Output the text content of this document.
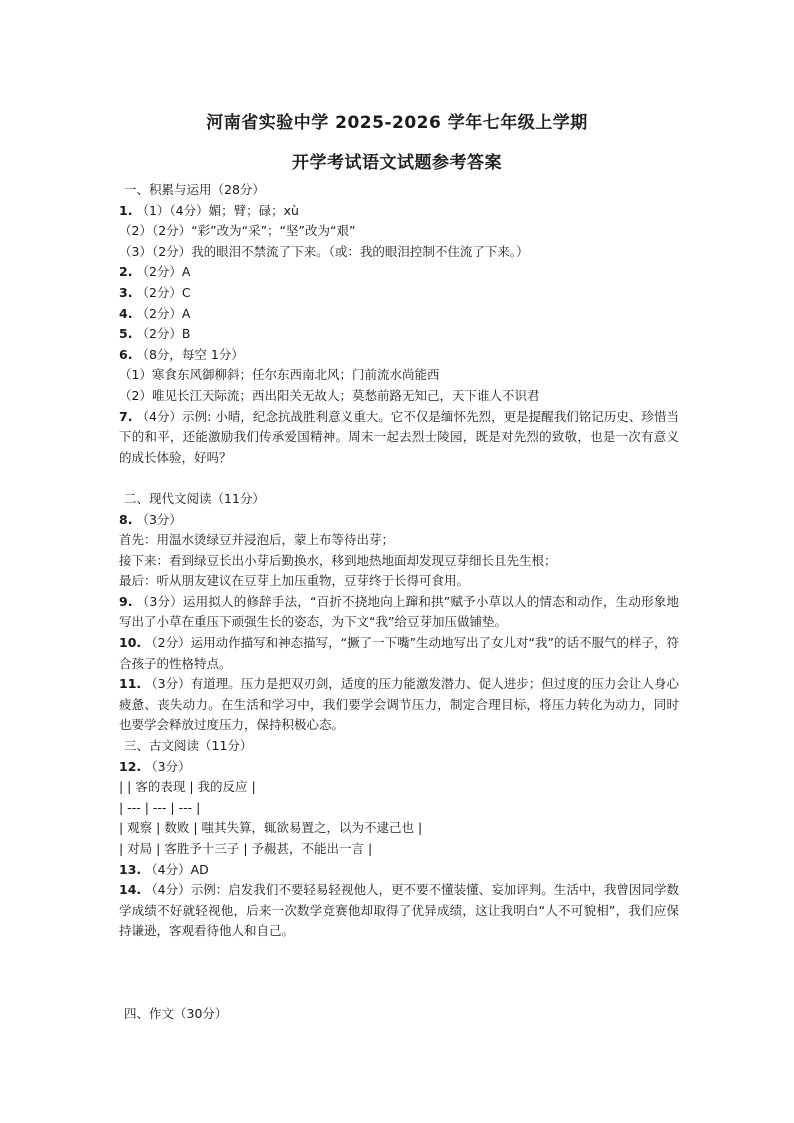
河南省实验中学 2025-2026 学年七年级上学期
开学考试语文试题参考答案
一、积累与运用（28分）
1. （1）（4分）媚；臂；碌；xù
（2）（2分）“彩”改为“采”；“坚”改为“艰”
（3）（2分）我的眼泪不禁流了下来。（或：我的眼泪控制不住流了下来。）
2. （2分）A
3. （2分）C
4. （2分）A
5. （2分）B
6. （8分，每空 1分）
（1）寒食东风御柳斜；任尔东西南北风；门前流水尚能西
（2）唯见长江天际流；西出阳关无故人；莫愁前路无知己，天下谁人不识君
7. （4分）示例: 小晴，纪念抗战胜利意义重大。它不仅是缅怀先烈，更是提醒我们铭记历史、珍惜当下的和平，还能激励我们传承爱国精神。周末一起去烈士陵园，既是对先烈的致敬，也是一次有意义的成长体验，好吗？
二、现代文阅读（11分）
8. （3分）
首先：用温水烫绿豆并浸泡后，蒙上布等待出芽；
接下来：看到绿豆长出小芽后勤换水，移到地热地面却发现豆芽细长且先生根；
最后：听从朋友建议在豆芽上加压重物，豆芽终于长得可食用。
9. （3分）运用拟人的修辞手法，“百折不挠地向上蹿和拱”赋予小草以人的情态和动作，生动形象地写出了小草在重压下顽强生长的姿态，为下文“我”给豆芽加压做铺垫。
10. （2分）运用动作描写和神态描写，“撅了一下嘴”生动地写出了女儿对“我”的话不服气的样子，符合孩子的性格特点。
11. （3分）有道理。压力是把双刃剑，适度的压力能激发潜力、促人进步；但过度的压力会让人身心疲惫、丧失动力。在生活和学习中，我们要学会调节压力，制定合理目标，将压力转化为动力，同时也要学会释放过度压力，保持积极心态。
三、古文阅读（11分）
12. （3分）
| | 客的表现 | 我的反应 |
| --- | --- | --- |
| 观察 | 数败 | 嗤其失算，辄欲易置之，以为不逮己也 |
| 对局 | 客胜予十三子 | 予赧甚，不能出一言 |
13. （4分）AD
14. （4分）示例：启发我们不要轻易轻视他人，更不要不懂装懂、妄加评判。生活中，我曾因同学数学成绩不好就轻视他，后来一次数学竞赛他却取得了优异成绩，这让我明白“人不可貌相”，我们应保持谦逊，客观看待他人和自己。
四、作文（30分）
